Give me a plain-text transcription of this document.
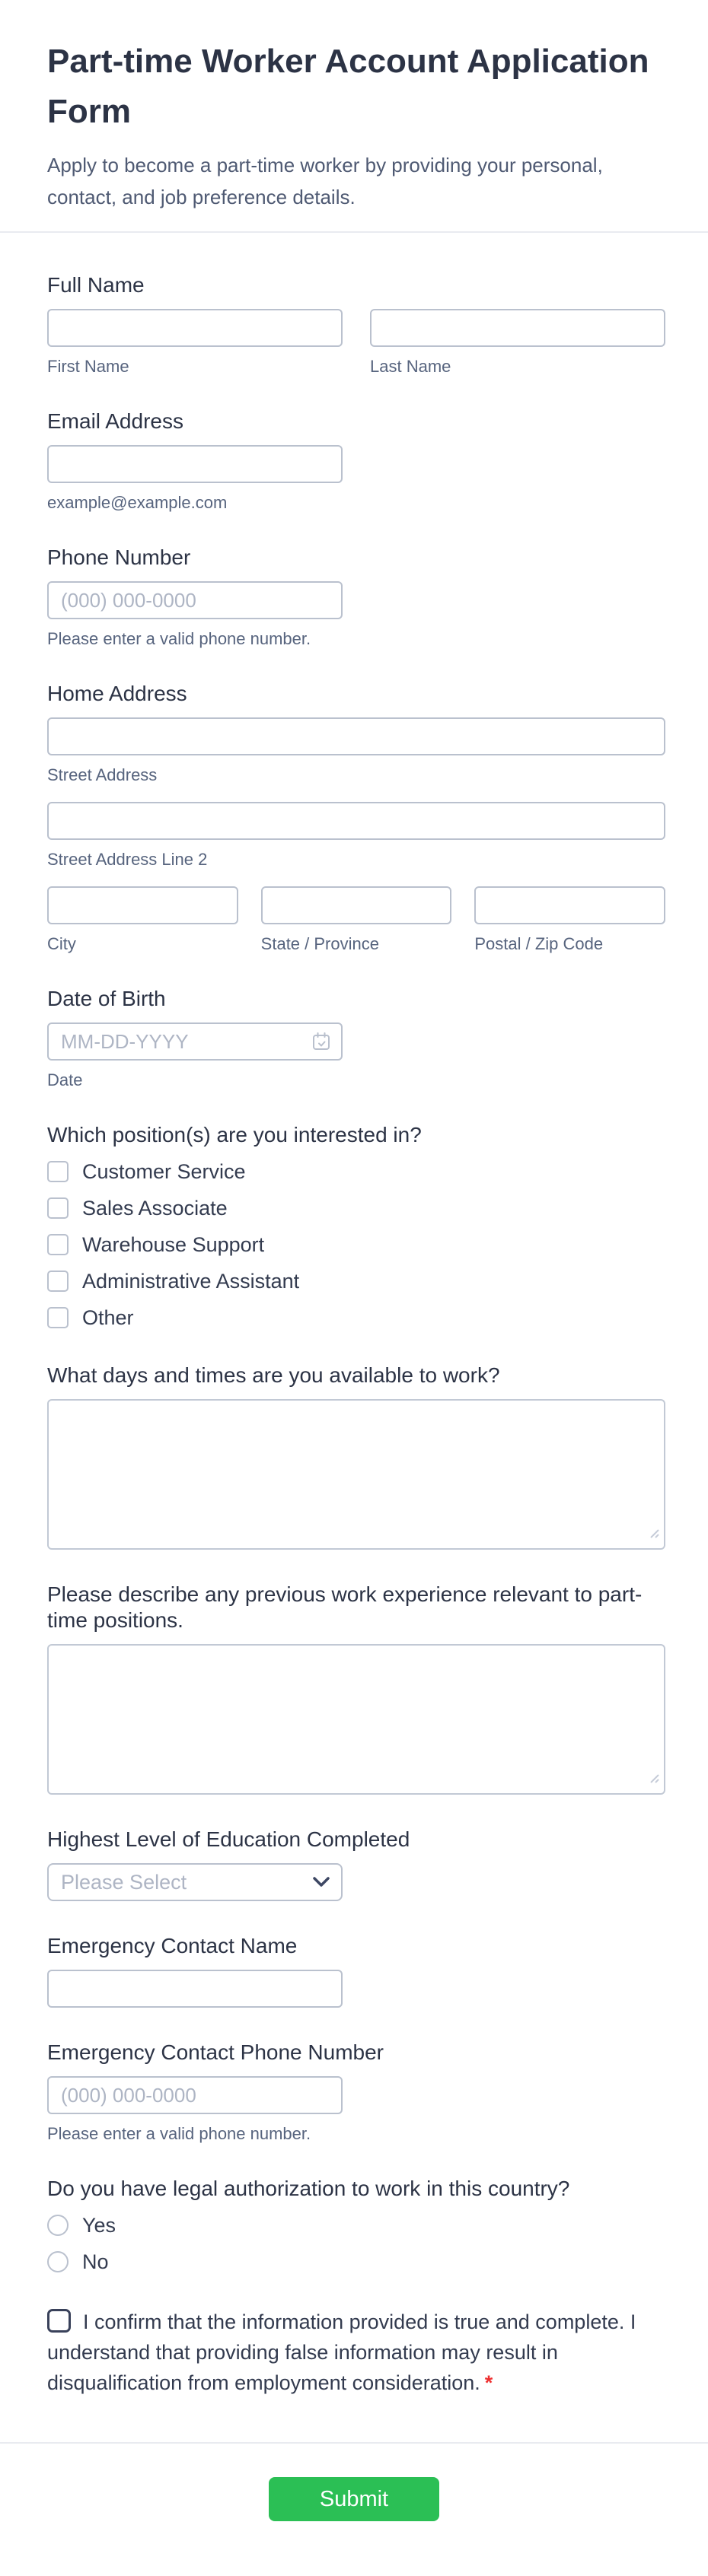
Part-time Worker Account Application Form

Apply to become a part-time worker by providing your personal, contact, and job preference details.

Full Name
First Name	Last Name
Email Address
example@example.com
Phone Number
(000) 000-0000
Please enter a valid phone number.
Home Address
Street Address
Street Address Line 2
City	State / Province	Postal / Zip Code
Date of Birth
MM-DD-YYYY
Date
Which position(s) are you interested in?
Customer Service
Sales Associate
Warehouse Support
Administrative Assistant
Other
What days and times are you available to work?
Please describe any previous work experience relevant to part-time positions.
Highest Level of Education Completed
Please Select
Emergency Contact Name
Emergency Contact Phone Number
(000) 000-0000
Please enter a valid phone number.
Do you have legal authorization to work in this country?
Yes
No
I confirm that the information provided is true and complete. I understand that providing false information may result in disqualification from employment consideration. *
Submit Application
